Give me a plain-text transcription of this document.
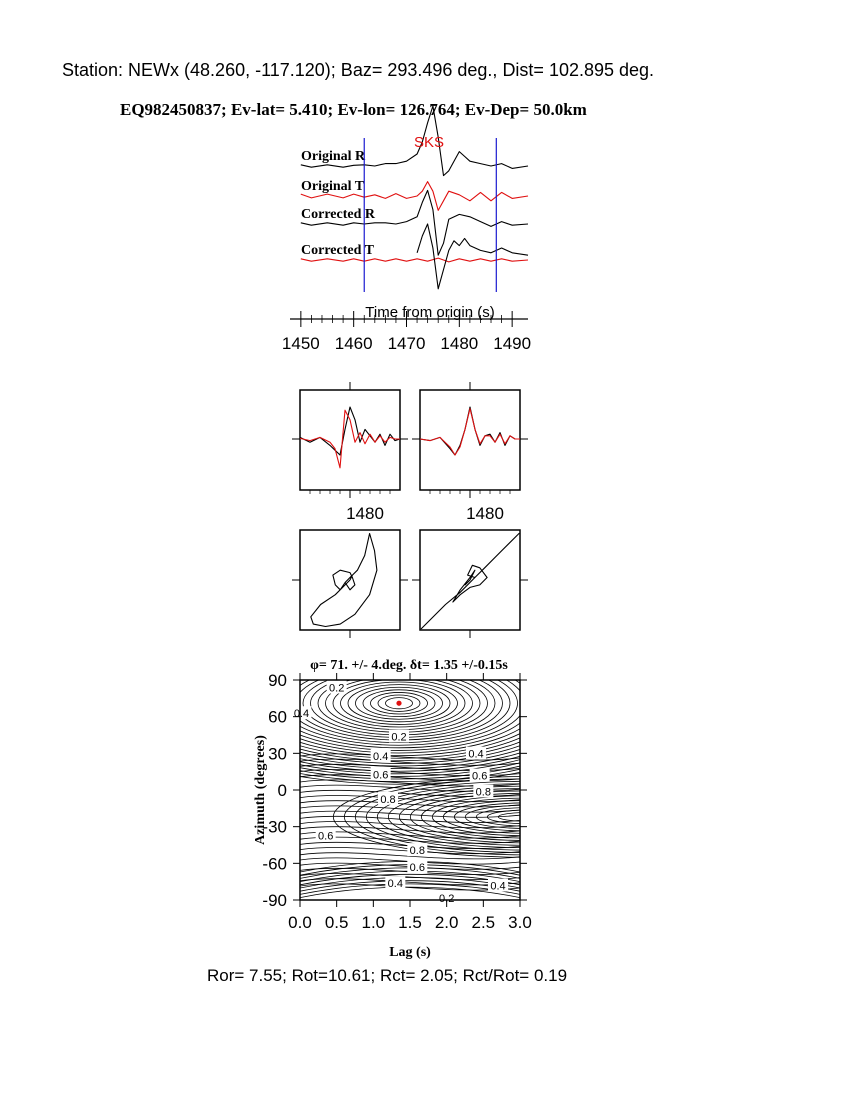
Station: NEWx (48.260, -117.120); Baz= 293.496 deg., Dist= 102.895 deg.
EQ982450837; Ev-lat= 5.410; Ev-lon= 126.764; Ev-Dep= 50.0km
Original R
Original T
Corrected R
Corrected T
SKS
1450 1460 1470 1480 1490
Time from origin (s)
1480	1480
0.2
0.4
0.2
0.4	0.4
0.6	0.6
0.8
0.8
0.6
0.8
0.6
0.4	0.4
0.2
0.0 0.5 1.0 1.5 2.0 2.5 3.0
90
60
30
0
-30
-60
-90
φ= 71. +/- 4.deg. δt= 1.35 +/-0.15s
Lag (s)
Azimuth (degrees)
Ror= 7.55; Rot=10.61; Rct= 2.05; Rct/Rot= 0.19
